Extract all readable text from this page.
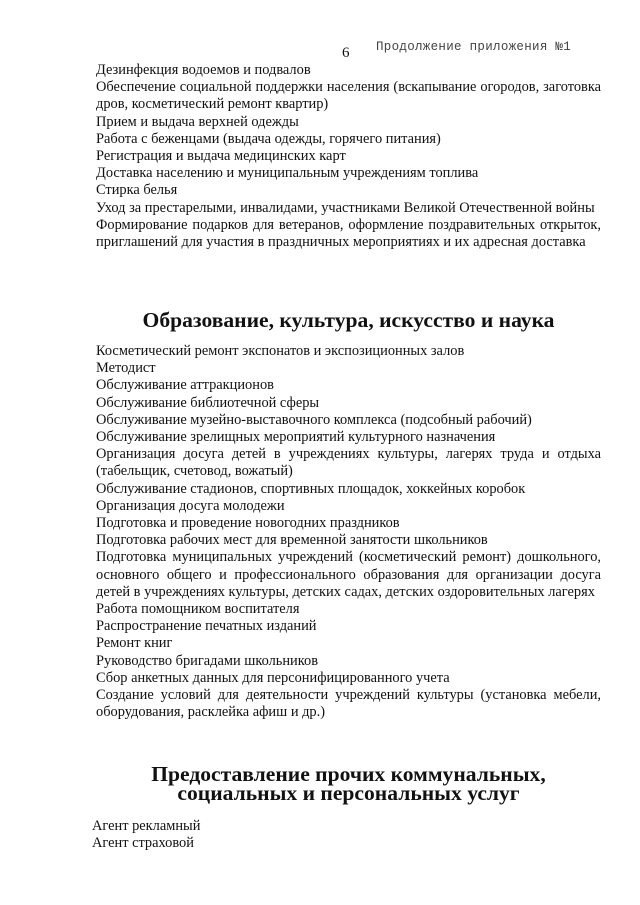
6 Продолжение приложения №1

Дезинфекция водоемов и подвалов

Обеспечение социальной поддержки населения (вскапывание огородов, заготовка дров, косметический ремонт квартир)

Прием и выдача верхней одежды

Работа с беженцами (выдача одежды, горячего питания)

Регистрация и выдача медицинских карт

Доставка населению и муниципальным учреждениям топлива

Стирка белья

Уход за престарелыми, инвалидами, участниками Великой Отечественной войны

Формирование подарков для ветеранов, оформление поздравительных открыток, приглашений для участия в праздничных мероприятиях и их адресная доставка

Образование, культура, искусство и наука

Косметический ремонт экспонатов и экспозиционных залов

Методист

Обслуживание аттракционов

Обслуживание библиотечной сферы

Обслуживание музейно-выставочного комплекса (подсобный рабочий)

Обслуживание зрелищных мероприятий культурного назначения

Организация досуга детей в учреждениях культуры, лагерях труда и отдыха (табельщик, счетовод, вожатый)

Обслуживание стадионов, спортивных площадок, хоккейных коробок

Организация досуга молодежи

Подготовка и проведение новогодних праздников

Подготовка рабочих мест для временной занятости школьников

Подготовка муниципальных учреждений (косметический ремонт) дошкольного, основного общего и профессионального образования для организации досуга детей в учреждениях культуры, детских садах, детских оздоровительных лагерях

Работа помощником воспитателя

Распространение печатных изданий

Ремонт книг

Руководство бригадами школьников

Сбор анкетных данных для персонифицированного учета

Создание условий для деятельности учреждений культуры (установка мебели, оборудования, расклейка афиш и др.)

Предоставление прочих коммунальных,
социальных и персональных услуг

Агент рекламный

Агент страховой
